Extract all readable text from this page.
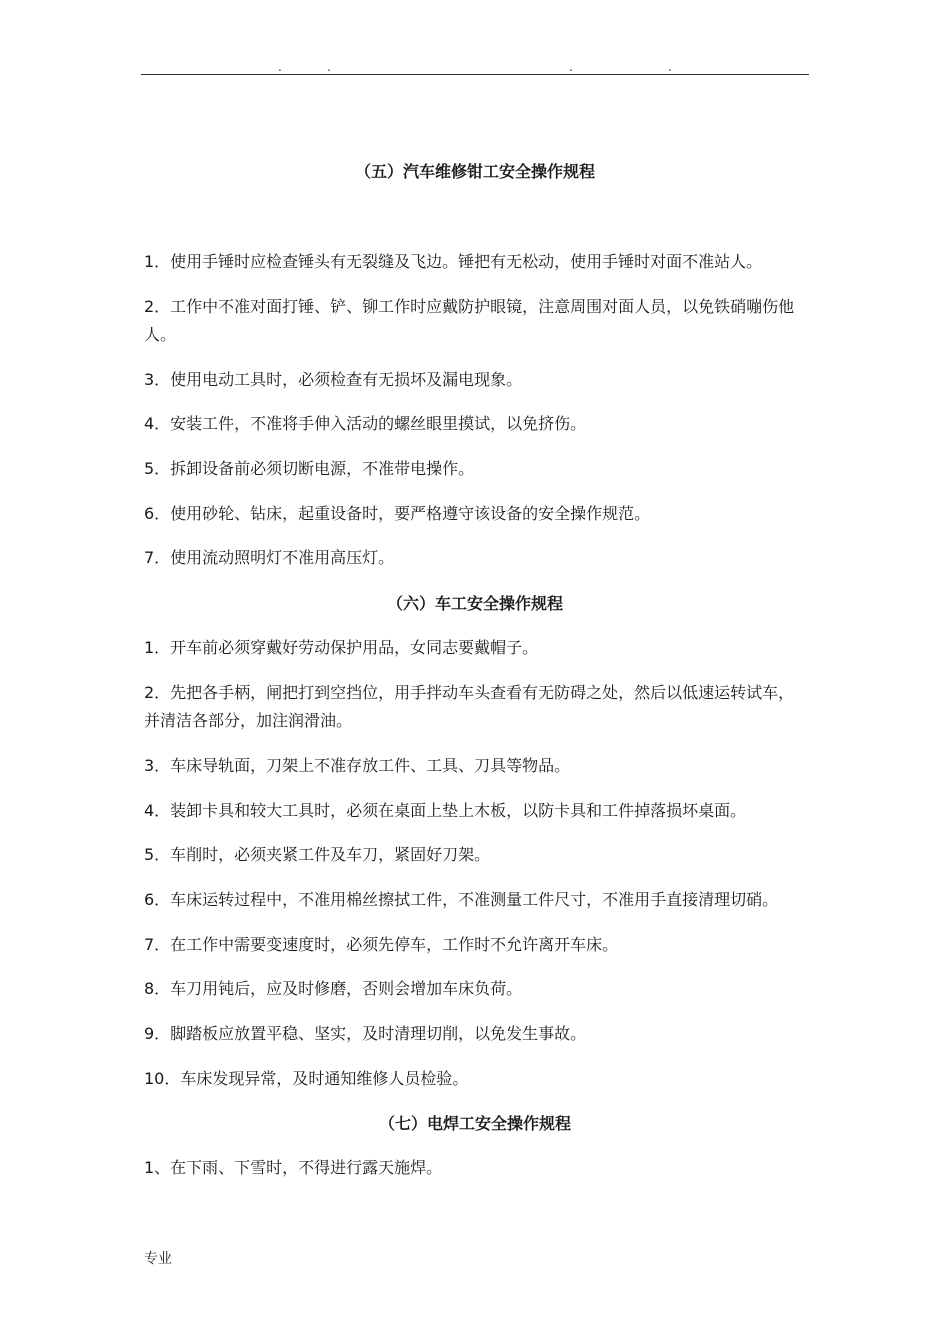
.	.	.	.
（五）汽车维修钳工安全操作规程
1．使用手锤时应检查锤头有无裂缝及飞边。锤把有无松动，使用手锤时对面不准站人。
2．工作中不准对面打锤、铲、铆工作时应戴防护眼镜，注意周围对面人员，以免铁硝嘣伤他人。
3．使用电动工具时，必须检查有无损坏及漏电现象。
4．安装工件，不准将手伸入活动的螺丝眼里摸试，以免挤伤。
5．拆卸设备前必须切断电源，不准带电操作。
6．使用砂轮、钻床，起重设备时，要严格遵守该设备的安全操作规范。
7．使用流动照明灯不准用高压灯。
（六）车工安全操作规程
1．开车前必须穿戴好劳动保护用品，女同志要戴帽子。
2．先把各手柄，闸把打到空挡位，用手拌动车头查看有无防碍之处，然后以低速运转试车，并清洁各部分，加注润滑油。
3．车床导轨面，刀架上不准存放工件、工具、刀具等物品。
4．装卸卡具和较大工具时，必须在桌面上垫上木板，以防卡具和工件掉落损坏桌面。
5．车削时，必须夹紧工件及车刀，紧固好刀架。
6．车床运转过程中，不准用棉丝擦拭工件，不准测量工件尺寸，不准用手直接清理切硝。
7．在工作中需要变速度时，必须先停车，工作时不允许离开车床。
8．车刀用钝后，应及时修磨，否则会增加车床负荷。
9．脚踏板应放置平稳、坚实，及时清理切削，以免发生事故。
10．车床发现异常，及时通知维修人员检验。
（七）电焊工安全操作规程
1、在下雨、下雪时，不得进行露天施焊。
专业
